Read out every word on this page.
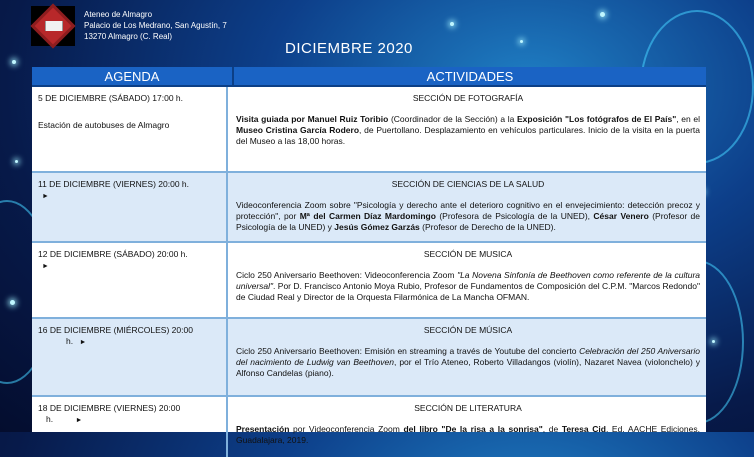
Ateneo de Almagro
Palacio de Los Medrano, San Agustín, 7
13270 Almagro (C. Real)
DICIEMBRE 2020
AGENDA	ACTIVIDADES
5 DE DICIEMBRE (SÁBADO) 17:00 h.
Estación de autobuses de Almagro
SECCIÓN DE FOTOGRAFÍA
Visita guiada por Manuel Ruiz Toribio (Coordinador de la Sección) a la Exposición "Los fotógrafos de El País", en el Museo Cristina García Rodero, de Puertollano. Desplazamiento en vehículos particulares. Inicio de la visita en la puerta del Museo a las 18,00 horas.
11 DE DICIEMBRE (VIERNES) 20:00 h.
►
SECCIÓN DE CIENCIAS DE LA SALUD
Videoconferencia Zoom sobre "Psicología y derecho ante el deterioro cognitivo en el envejecimiento: detección precoz y protección", por Mª del Carmen Díaz Mardomingo (Profesora de Psicología de la UNED), César Venero (Profesor de Psicología de la UNED) y Jesús Gómez Garzás (Profesor de Derecho de la UNED).
12 DE DICIEMBRE (SÁBADO) 20:00 h.
►
SECCIÓN DE MUSICA
Ciclo 250 Aniversario Beethoven: Videoconferencia Zoom "La Novena Sinfonía de Beethoven como referente de la cultura universal". Por D. Francisco Antonio Moya Rubio, Profesor de Fundamentos de Composición del C.P.M. "Marcos Redondo" de Ciudad Real y Director de la Orquesta Filarmónica de La Mancha OFMAN.
16 DE DICIEMBRE (MIÉRCOLES) 20:00
h. ►
SECCIÓN DE MÚSICA
Ciclo 250 Aniversario Beethoven: Emisión en streaming a través de Youtube del concierto Celebración del 250 Aniversario del nacimiento de Ludwig van Beethoven, por el Trío Ateneo, Roberto Villadangos (violín), Nazaret Navea (violonchelo) y Alfonso Candelas (piano).
18 DE DICIEMBRE (VIERNES) 20:00
h.	►
SECCIÓN DE LITERATURA
Presentación por Videoconferencia Zoom del libro "De la risa a la sonrisa", de Teresa Cid. Ed. AACHE Ediciones. Guadalajara, 2019.
